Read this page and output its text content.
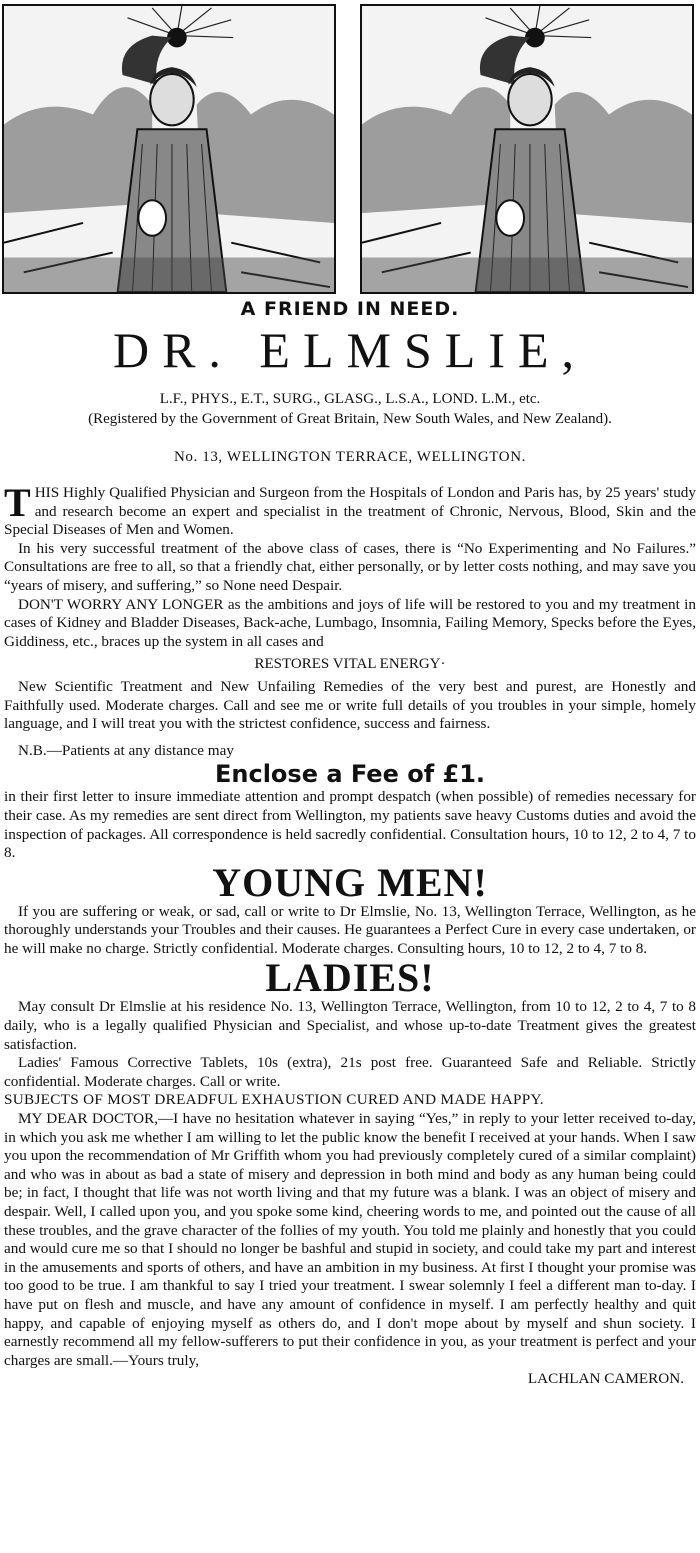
A FRIEND IN NEED.
DR. ELMSLIE,
L.F., PHYS., E.T., SURG., GLASG., L.S.A., LOND. L.M., etc.
(Registered by the Government of Great Britain, New South Wales, and New Zealand).
No. 13, WELLINGTON TERRACE, WELLINGTON.

THIS Highly Qualified Physician and Surgeon from the Hospitals of London and Paris has, by 25 years' study and research become an expert and specialist in the treatment of Chronic, Nervous, Blood, Skin and the Special Diseases of Men and Women.

In his very successful treatment of the above class of cases, there is “No Experimenting and No Failures.” Consultations are free to all, so that a friendly chat, either personally, or by letter costs nothing, and may save you “years of misery, and suffering,” so None need Despair.

DON'T WORRY ANY LONGER as the ambitions and joys of life will be restored to you and my treatment in cases of Kidney and Bladder Diseases, Back-ache, Lumbago, Insomnia, Failing Memory, Specks before the Eyes, Giddiness, etc., braces up the system in all cases and

RESTORES VITAL ENERGY·

New Scientific Treatment and New Unfailing Remedies of the very best and purest, are Honestly and Faithfully used. Moderate charges. Call and see me or write full details of you troubles in your simple, homely language, and I will treat you with the strictest confidence, success and fairness.

N.B.—Patients at any distance may

Enclose a Fee of £1.

in their first letter to insure immediate attention and prompt despatch (when possible) of remedies necessary for their case. As my remedies are sent direct from Wellington, my patients save heavy Customs duties and avoid the inspection of packages. All correspondence is held sacredly confidential. Consultation hours, 10 to 12, 2 to 4, 7 to 8.

YOUNG MEN!

If you are suffering or weak, or sad, call or write to Dr Elmslie, No. 13, Wellington Terrace, Wellington, as he thoroughly understands your Troubles and their causes. He guarantees a Perfect Cure in every case undertaken, or he will make no charge. Strictly confidential. Moderate charges. Consulting hours, 10 to 12, 2 to 4, 7 to 8.

LADIES!

May consult Dr Elmslie at his residence No. 13, Wellington Terrace, Wellington, from 10 to 12, 2 to 4, 7 to 8 daily, who is a legally qualified Physician and Specialist, and whose up-to-date Treatment gives the greatest satisfaction.

Ladies' Famous Corrective Tablets, 10s (extra), 21s post free. Guaranteed Safe and Reliable. Strictly confidential. Moderate charges. Call or write.

SUBJECTS OF MOST DREADFUL EXHAUSTION CURED AND MADE HAPPY.

MY DEAR DOCTOR,—I have no hesitation whatever in saying “Yes,” in reply to your letter received to-day, in which you ask me whether I am willing to let the public know the benefit I received at your hands. When I saw you upon the recommendation of Mr Griffith whom you had previously completely cured of a similar complaint) and who was in about as bad a state of misery and depression in both mind and body as any human being could be; in fact, I thought that life was not worth living and that my future was a blank. I was an object of misery and despair. Well, I called upon you, and you spoke some kind, cheering words to me, and pointed out the cause of all these troubles, and the grave character of the follies of my youth. You told me plainly and honestly that you could and would cure me so that I should no longer be bashful and stupid in society, and could take my part and interest in the amusements and sports of others, and have an ambition in my business. At first I thought your promise was too good to be true. I am thankful to say I tried your treatment. I swear solemnly I feel a different man to-day. I have put on flesh and muscle, and have any amount of confidence in myself. I am perfectly healthy and quit happy, and capable of enjoying myself as others do, and I don't mope about by myself and shun society. I earnestly recommend all my fellow-sufferers to put their confidence in you, as your treatment is perfect and your charges are small.—Yours truly,

LACHLAN CAMERON.
